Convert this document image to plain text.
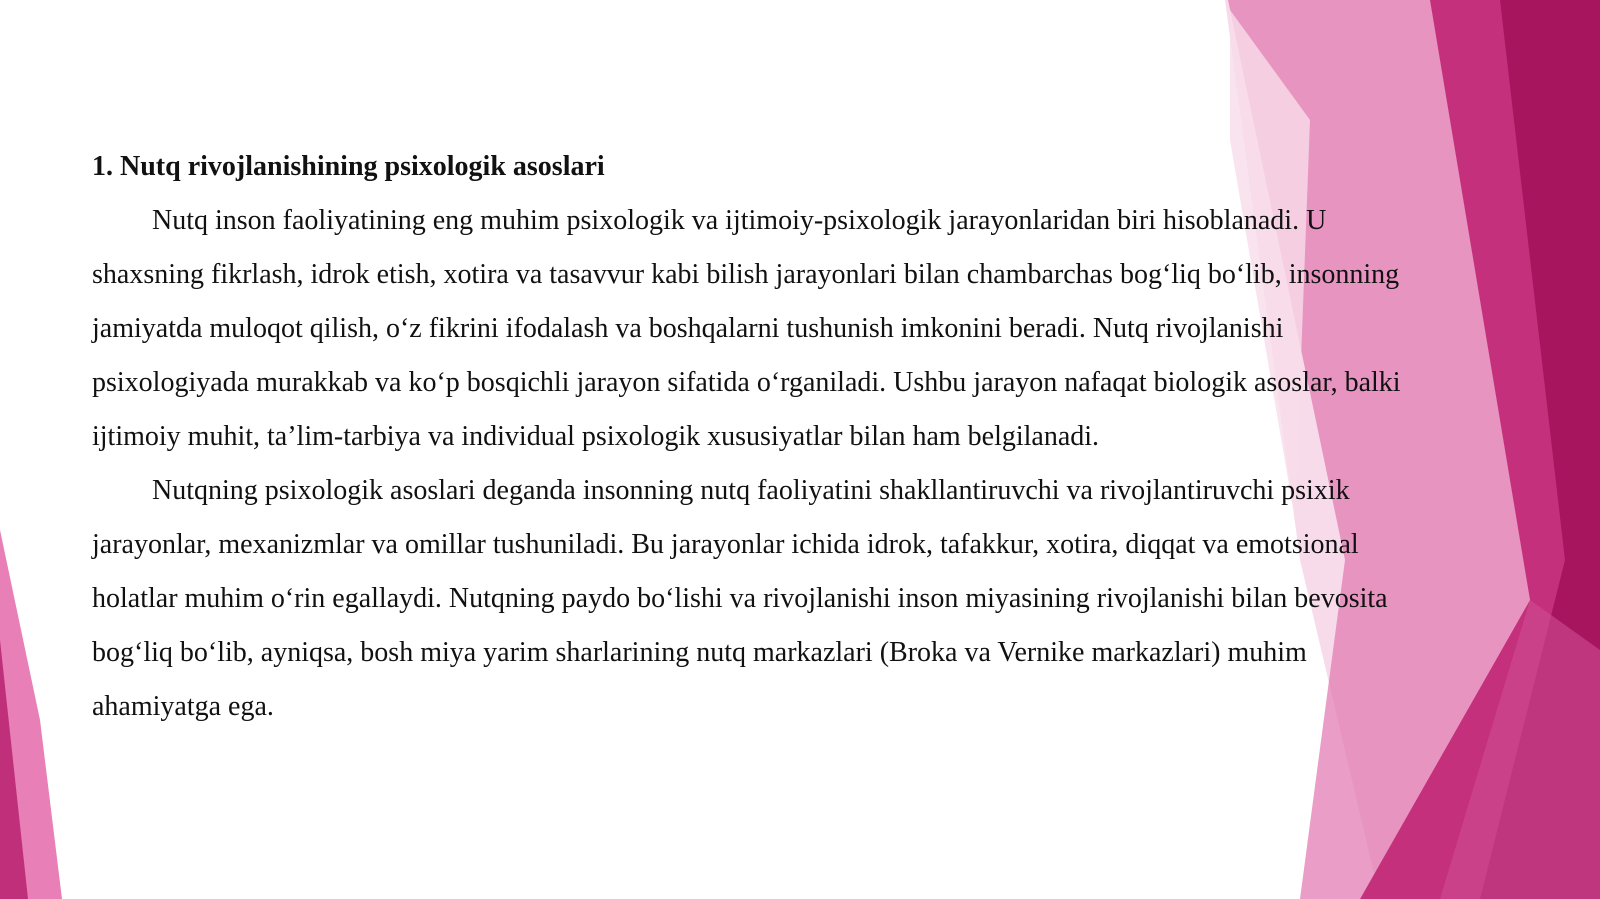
1. Nutq rivojlanishining psixologik asoslari

Nutq inson faoliyatining eng muhim psixologik va ijtimoiy-psixologik jarayonlaridan biri hisoblanadi. U shaxsning fikrlash, idrok etish, xotira va tasavvur kabi bilish jarayonlari bilan chambarchas bog‘liq bo‘lib, insonning jamiyatda muloqot qilish, o‘z fikrini ifodalash va boshqalarni tushunish imkonini beradi. Nutq rivojlanishi psixologiyada murakkab va ko‘p bosqichli jarayon sifatida o‘rganiladi. Ushbu jarayon nafaqat biologik asoslar, balki ijtimoiy muhit, ta’lim-tarbiya va individual psixologik xususiyatlar bilan ham belgilanadi.

Nutqning psixologik asoslari deganda insonning nutq faoliyatini shakllantiruvchi va rivojlantiruvchi psixik jarayonlar, mexanizmlar va omillar tushuniladi. Bu jarayonlar ichida idrok, tafakkur, xotira, diqqat va emotsional holatlar muhim o‘rin egallaydi. Nutqning paydo bo‘lishi va rivojlanishi inson miyasining rivojlanishi bilan bevosita bog‘liq bo‘lib, ayniqsa, bosh miya yarim sharlarining nutq markazlari (Broka va Vernike markazlari) muhim ahamiyatga ega.
